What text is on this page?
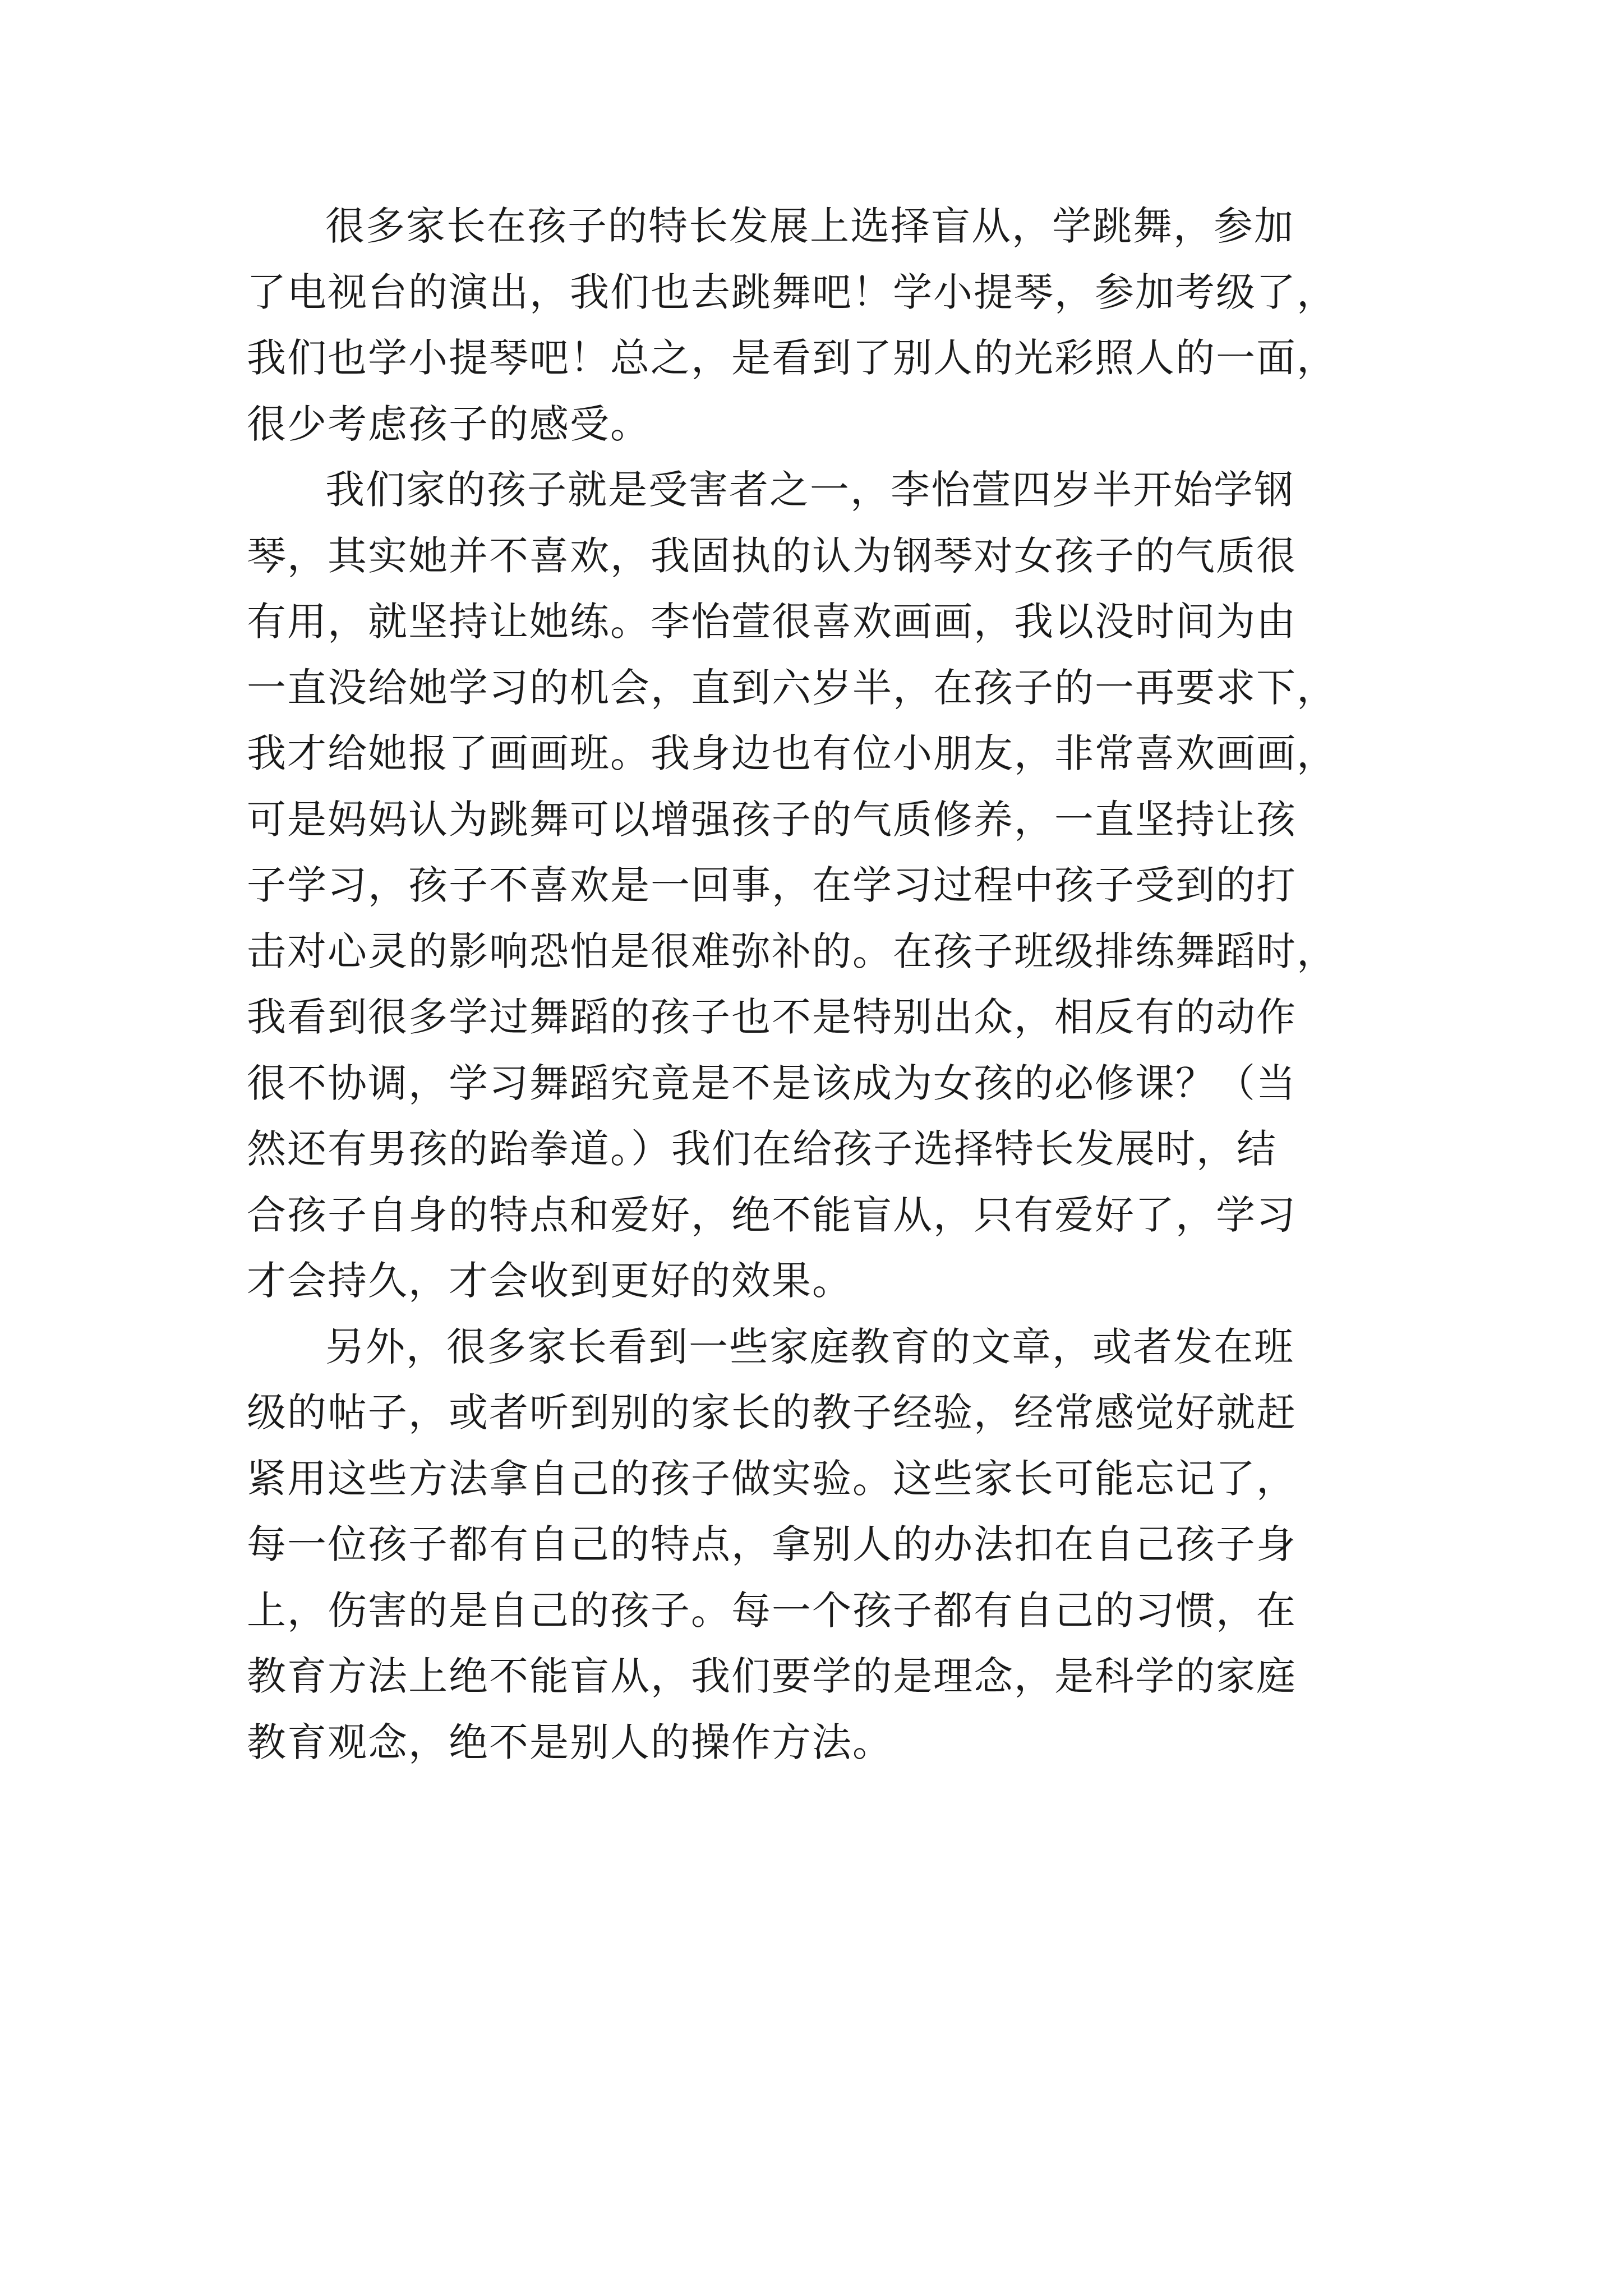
很多家长在孩子的特长发展上选择盲从，学跳舞，参加
了电视台的演出，我们也去跳舞吧！学小提琴，参加考级了，
我们也学小提琴吧！总之，是看到了别人的光彩照人的一面，
很少考虑孩子的感受。

我们家的孩子就是受害者之一，李怡萱四岁半开始学钢
琴，其实她并不喜欢，我固执的认为钢琴对女孩子的气质很
有用，就坚持让她练。李怡萱很喜欢画画，我以没时间为由
一直没给她学习的机会，直到六岁半，在孩子的一再要求下，
我才给她报了画画班。我身边也有位小朋友，非常喜欢画画，
可是妈妈认为跳舞可以增强孩子的气质修养，一直坚持让孩
子学习，孩子不喜欢是一回事，在学习过程中孩子受到的打
击对心灵的影响恐怕是很难弥补的。在孩子班级排练舞蹈时，
我看到很多学过舞蹈的孩子也不是特别出众，相反有的动作
很不协调，学习舞蹈究竟是不是该成为女孩的必修课？（当
然还有男孩的跆拳道。）我们在给孩子选择特长发展时，结
合孩子自身的特点和爱好，绝不能盲从，只有爱好了，学习
才会持久，才会收到更好的效果。

另外，很多家长看到一些家庭教育的文章，或者发在班
级的帖子，或者听到别的家长的教子经验，经常感觉好就赶
紧用这些方法拿自己的孩子做实验。这些家长可能忘记了，
每一位孩子都有自己的特点，拿别人的办法扣在自己孩子身
上，伤害的是自己的孩子。每一个孩子都有自己的习惯，在
教育方法上绝不能盲从，我们要学的是理念，是科学的家庭
教育观念，绝不是别人的操作方法。
